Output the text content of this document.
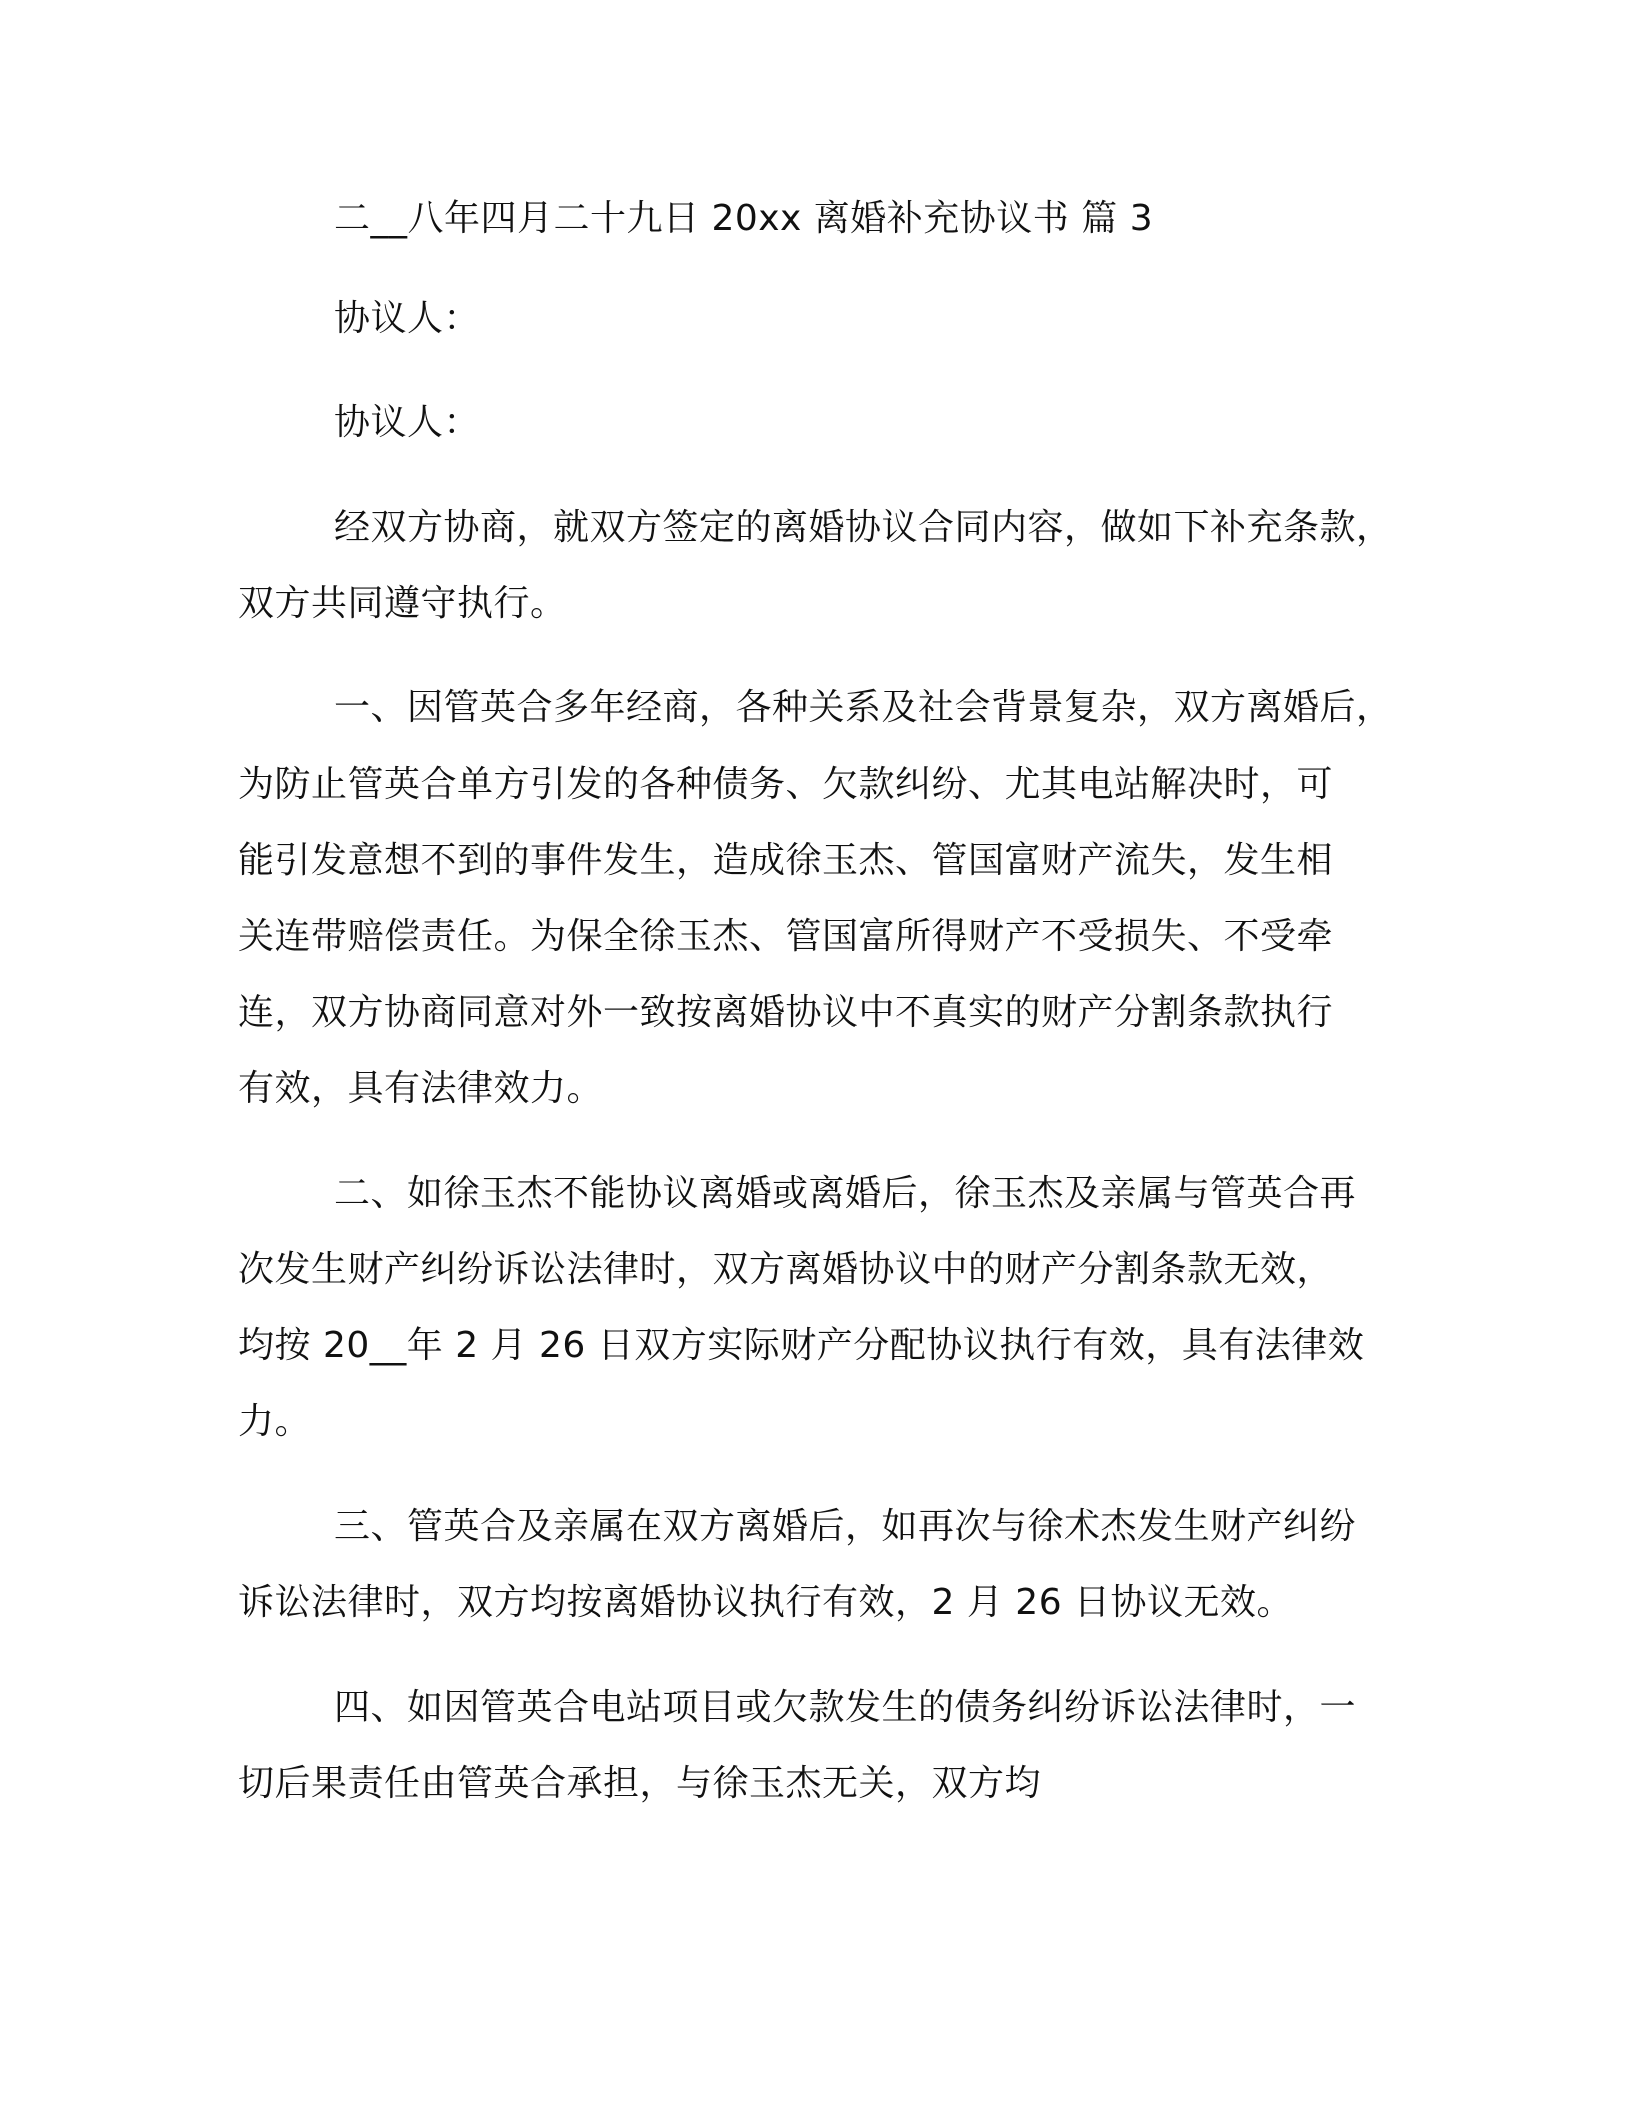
二__八年四月二十九日 20xx 离婚补充协议书 篇 3
协议人：
协议人：
经双方协商，就双方签定的离婚协议合同内容，做如下补充条款，
双方共同遵守执行。
一、因管英合多年经商，各种关系及社会背景复杂，双方离婚后，
为防止管英合单方引发的各种债务、欠款纠纷、尤其电站解决时，可
能引发意想不到的事件发生，造成徐玉杰、管国富财产流失，发生相
关连带赔偿责任。为保全徐玉杰、管国富所得财产不受损失、不受牵
连，双方协商同意对外一致按离婚协议中不真实的财产分割条款执行
有效，具有法律效力。
二、如徐玉杰不能协议离婚或离婚后，徐玉杰及亲属与管英合再
次发生财产纠纷诉讼法律时，双方离婚协议中的财产分割条款无效，
均按 20__年 2 月 26 日双方实际财产分配协议执行有效，具有法律效
力。
三、管英合及亲属在双方离婚后，如再次与徐术杰发生财产纠纷
诉讼法律时，双方均按离婚协议执行有效，2 月 26 日协议无效。
四、如因管英合电站项目或欠款发生的债务纠纷诉讼法律时，一
切后果责任由管英合承担，与徐玉杰无关，双方均
